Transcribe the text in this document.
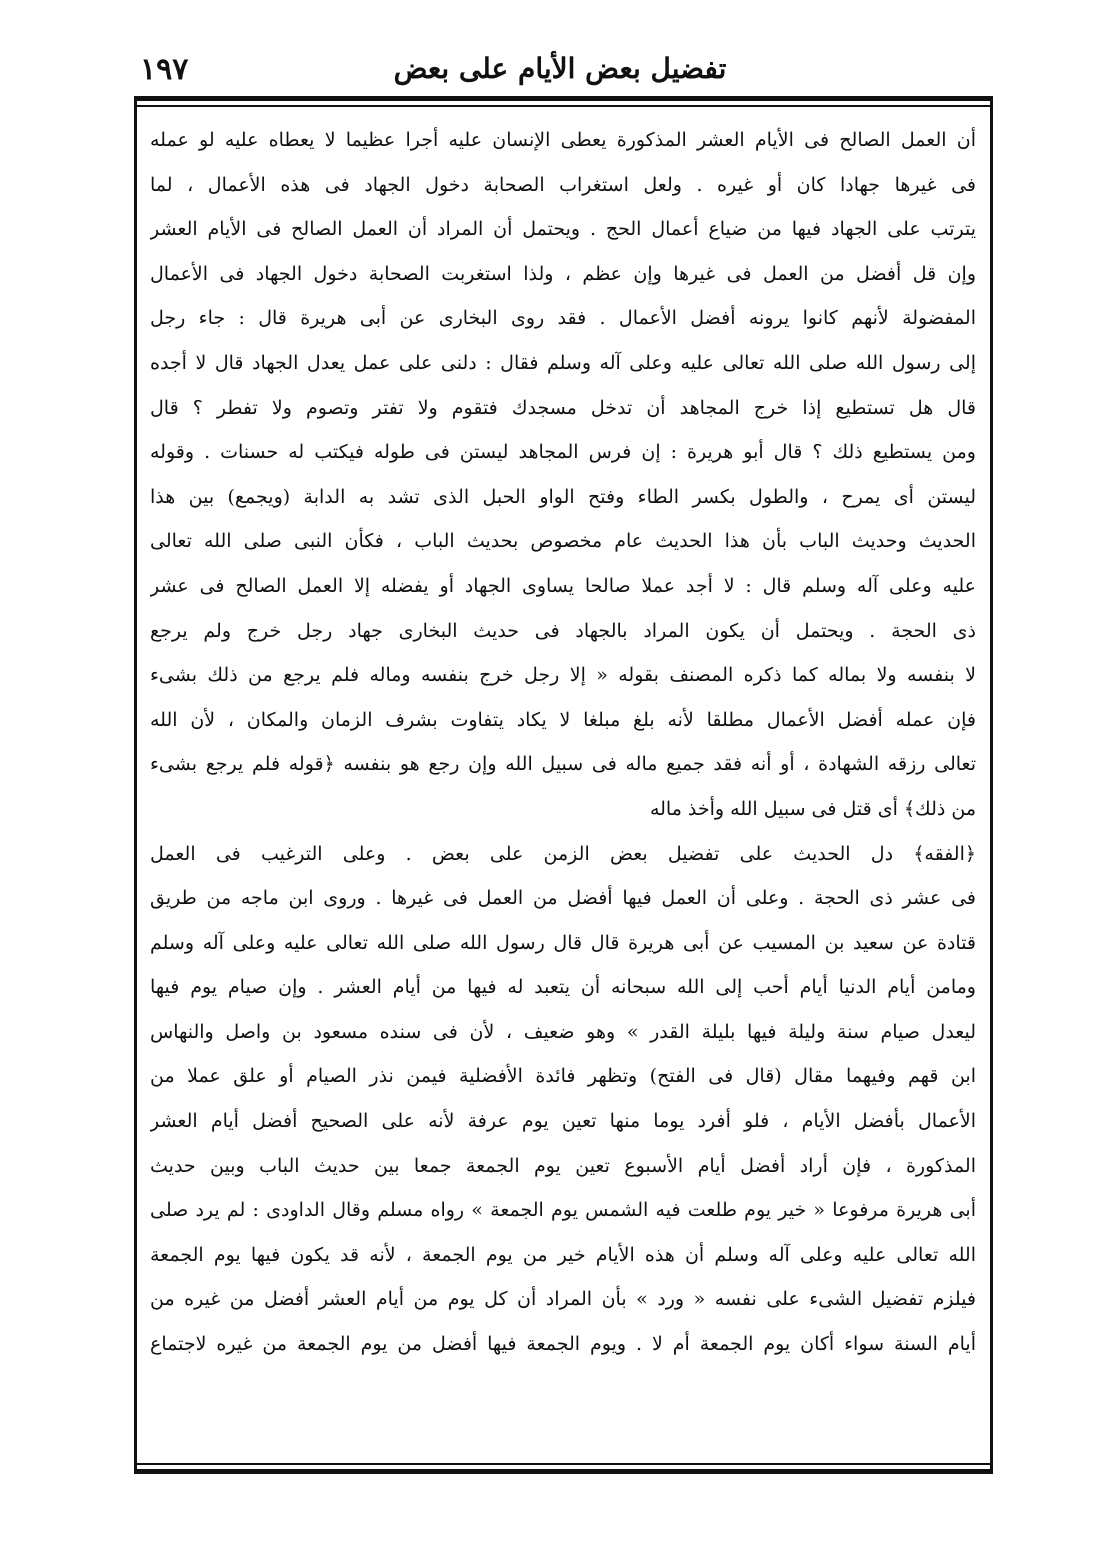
١٩٧	تفضيل بعض الأيام على بعض
أن العمل الصالح فى الأيام العشر المذكورة يعطى الإنسان عليه أجرا عظيما لا يعطاه عليه لو عمله
فى غيرها جهادا كان أو غيره . ولعل استغراب الصحابة دخول الجهاد فى هذه الأعمال ، لما
يترتب على الجهاد فيها من ضياع أعمال الحج . ويحتمل أن المراد أن العمل الصالح فى الأيام العشر
وإن قل أفضل من العمل فى غيرها وإن عظم ، ولذا استغربت الصحابة دخول الجهاد فى الأعمال
المفضولة لأنهم كانوا يرونه أفضل الأعمال . فقد روى البخارى عن أبى هريرة قال : جاء رجل
إلى رسول الله صلى الله تعالى عليه وعلى آله وسلم فقال : دلنى على عمل يعدل الجهاد قال لا أجده
قال هل تستطيع إذا خرج المجاهد أن تدخل مسجدك فتقوم ولا تفتر وتصوم ولا تفطر ؟ قال
ومن يستطيع ذلك ؟ قال أبو هريرة : إن فرس المجاهد ليستن فى طوله فيكتب له حسنات . وقوله
ليستن أى يمرح ، والطول بكسر الطاء وفتح الواو الحبل الذى تشد به الدابة (ويجمع) بين هذا
الحديث وحديث الباب بأن هذا الحديث عام مخصوص بحديث الباب ، فكأن النبى صلى الله تعالى
عليه وعلى آله وسلم قال : لا أجد عملا صالحا يساوى الجهاد أو يفضله إلا العمل الصالح فى عشر
ذى الحجة . ويحتمل أن يكون المراد بالجهاد فى حديث البخارى جهاد رجل خرج ولم يرجع
لا بنفسه ولا بماله كما ذكره المصنف بقوله « إلا رجل خرج بنفسه وماله فلم يرجع من ذلك بشىء
فإن عمله أفضل الأعمال مطلقا لأنه بلغ مبلغا لا يكاد يتفاوت بشرف الزمان والمكان ، لأن الله
تعالى رزقه الشهادة ، أو أنه فقد جميع ماله فى سبيل الله وإن رجع هو بنفسه ﴿قوله فلم يرجع بشىء
من ذلك﴾ أى قتل فى سبيل الله وأخذ ماله
﴿الفقه﴾ دل الحديث على تفضيل بعض الزمن على بعض . وعلى الترغيب فى العمل
فى عشر ذى الحجة . وعلى أن العمل فيها أفضل من العمل فى غيرها . وروى ابن ماجه من طريق
قتادة عن سعيد بن المسيب عن أبى هريرة قال قال رسول الله صلى الله تعالى عليه وعلى آله وسلم
ومامن أيام الدنيا أيام أحب إلى الله سبحانه أن يتعبد له فيها من أيام العشر . وإن صيام يوم فيها
ليعدل صيام سنة وليلة فيها بليلة القدر » وهو ضعيف ، لأن فى سنده مسعود بن واصل والنهاس
ابن قهم وفيهما مقال (قال فى الفتح) وتظهر فائدة الأفضلية فيمن نذر الصيام أو علق عملا من
الأعمال بأفضل الأيام ، فلو أفرد يوما منها تعين يوم عرفة لأنه على الصحيح أفضل أيام العشر
المذكورة ، فإن أراد أفضل أيام الأسبوع تعين يوم الجمعة جمعا بين حديث الباب وبين حديث
أبى هريرة مرفوعا « خير يوم طلعت فيه الشمس يوم الجمعة » رواه مسلم وقال الداودى : لم يرد صلى
الله تعالى عليه وعلى آله وسلم أن هذه الأيام خير من يوم الجمعة ، لأنه قد يكون فيها يوم الجمعة
فيلزم تفضيل الشىء على نفسه « ورد » بأن المراد أن كل يوم من أيام العشر أفضل من غيره من
أيام السنة سواء أكان يوم الجمعة أم لا . ويوم الجمعة فيها أفضل من يوم الجمعة من غيره لاجتماع
